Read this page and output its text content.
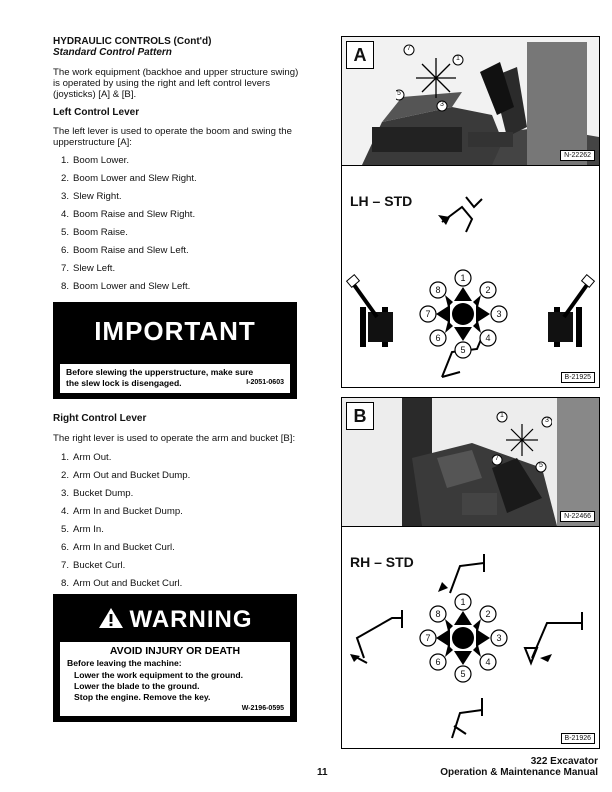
HYDRAULIC CONTROLS (Cont'd)
Standard Control Pattern
The work equipment (backhoe and upper structure swing)
is operated by using the right and left control levers
(joysticks) [A] & [B].
Left Control Lever
The left lever is used to operate the boom and swing the
upperstructure [A]:
1. Boom Lower.
2. Boom Lower and Slew Right.
3. Slew Right.
4. Boom Raise and Slew Right.
5. Boom Raise.
6. Boom Raise and Slew Left.
7. Slew Left.
8. Boom Lower and Slew Left.
IMPORTANT
Before slewing the upperstructure, make sure
the slew lock is disengaged.	I-2051-0603
Right Control Lever
The right lever is used to operate the arm and bucket [B]:
1. Arm Out.
2. Arm Out and Bucket Dump.
3. Bucket Dump.
4. Arm In and Bucket Dump.
5. Arm In.
6. Arm In and Bucket Curl.
7. Bucket Curl.
8. Arm Out and Bucket Curl.
WARNING
AVOID INJURY OR DEATH
Before leaving the machine:
Lower the work equipment to the ground.
Lower the blade to the ground.
Stop the engine. Remove the key.
W-2196-0595
A	7
1
5
3
N-22262
LH – STD
1
2
3
4
5
6
7
8
B-21925
B	1
3
7
5
N-22466
RH – STD
1
2
3
4
5
6
7
8
B-21926
11
322 Excavator
Operation & Maintenance Manual
